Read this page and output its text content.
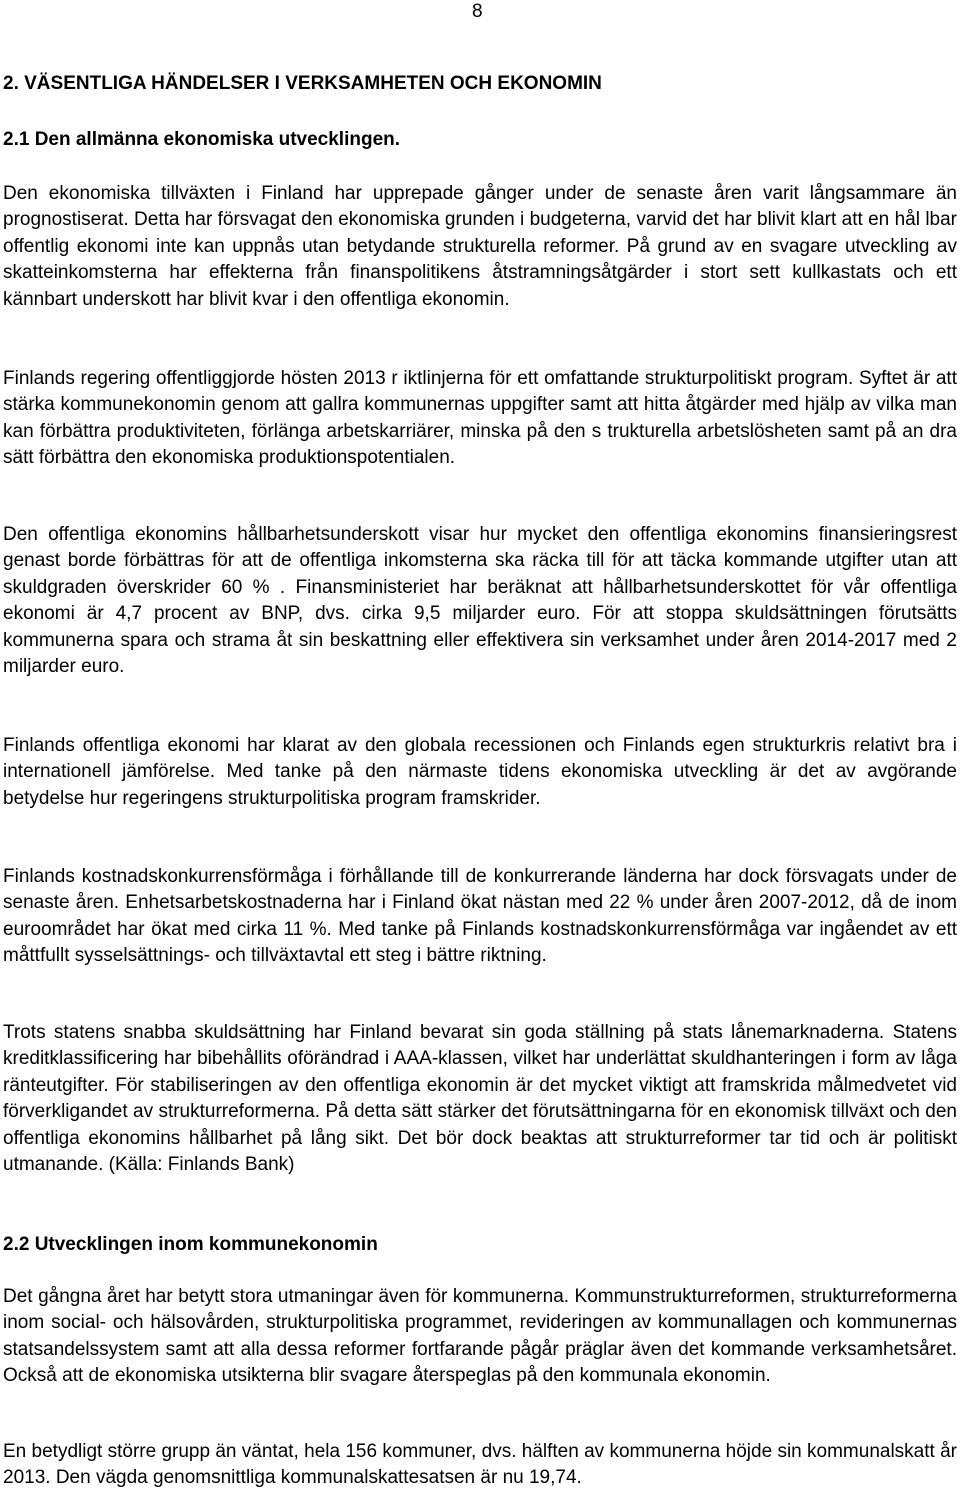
8
2. VÄSENTLIGA HÄNDELSER I VERKSAMHETEN OCH EKONOMIN
2.1 Den allmänna ekonomiska utvecklingen.

Den ekonomiska tillväxten i Finland har upprepade gånger under de senaste åren varit långsammare än prognostiserat. Detta har försvagat den ekonomiska grunden i budgeterna, varvid det har blivit klart att en hål lbar offentlig ekonomi inte kan uppnås utan betydande strukturella reformer. På grund av en svagare utveckling av skatteinkomsterna har effekterna från finanspolitikens åtstramningsåtgärder i stort sett kullkastats och ett kännbart underskott har blivit kvar i den offentliga ekonomin.

Finlands regering offentliggjorde hösten 2013 r iktlinjerna för ett omfattande strukturpolitiskt program. Syftet är att stärka kommunekonomin genom att gallra kommunernas uppgifter samt att hitta åtgärder med hjälp av vilka man kan förbättra produktiviteten, förlänga arbetskarriärer, minska på den s trukturella arbetslösheten samt på an dra sätt förbättra den ekonomiska produktionspotentialen.

Den offentliga ekonomins hållbarhetsunderskott visar hur mycket den offentliga ekonomins finansieringsrest genast borde förbättras för att de offentliga inkomsterna ska räcka till för att täcka kommande utgifter utan att skuldgraden överskrider 60 % . Finansministeriet har beräknat att hållbarhetsunderskottet för vår offentliga ekonomi är 4,7 procent av BNP, dvs. cirka 9,5 miljarder euro. För att stoppa skuldsättningen förutsätts kommunerna spara och strama åt sin beskattning eller effektivera sin verksamhet under åren 2014-2017 med 2 miljarder euro.

Finlands offentliga ekonomi har klarat av den globala recessionen och Finlands egen strukturkris relativt bra i internationell jämförelse. Med tanke på den närmaste tidens ekonomiska utveckling är det av avgörande betydelse hur regeringens strukturpolitiska program framskrider.

Finlands kostnadskonkurrensförmåga i förhållande till de konkurrerande länderna har dock försvagats under de senaste åren. Enhetsarbetskostnaderna har i Finland ökat nästan med 22 % under åren 2007-2012, då de inom euroområdet har ökat med cirka 11 %. Med tanke på Finlands kostnadskonkurrensförmåga var ingåendet av ett måttfullt sysselsättnings- och tillväxtavtal ett steg i bättre riktning.

Trots statens snabba skuldsättning har Finland bevarat sin goda ställning på stats lånemarknaderna. Statens kreditklassificering har bibehållits oförändrad i AAA-klassen, vilket har underlättat skuldhanteringen i form av låga ränteutgifter. För stabiliseringen av den offentliga ekonomin är det mycket viktigt att framskrida målmedvetet vid förverkligandet av strukturreformerna. På detta sätt stärker det förutsättningarna för en ekonomisk tillväxt och den offentliga ekonomins hållbarhet på lång sikt. Det bör dock beaktas att strukturreformer tar tid och är politiskt utmanande. (Källa: Finlands Bank)

2.2 Utvecklingen inom kommunekonomin

Det gångna året har betytt stora utmaningar även för kommunerna. Kommunstrukturreformen, strukturreformerna inom social- och hälsovården, strukturpolitiska programmet, revideringen av kommunallagen och kommunernas statsandelssystem samt att alla dessa reformer fortfarande pågår präglar även det kommande verksamhetsåret. Också att de ekonomiska utsikterna blir svagare återspeglas på den kommunala ekonomin.

En betydligt större grupp än väntat, hela 156 kommuner, dvs. hälften av kommunerna höjde sin kommunalskatt år 2013. Den vägda genomsnittliga kommunalskattesatsen är nu 19,74.
